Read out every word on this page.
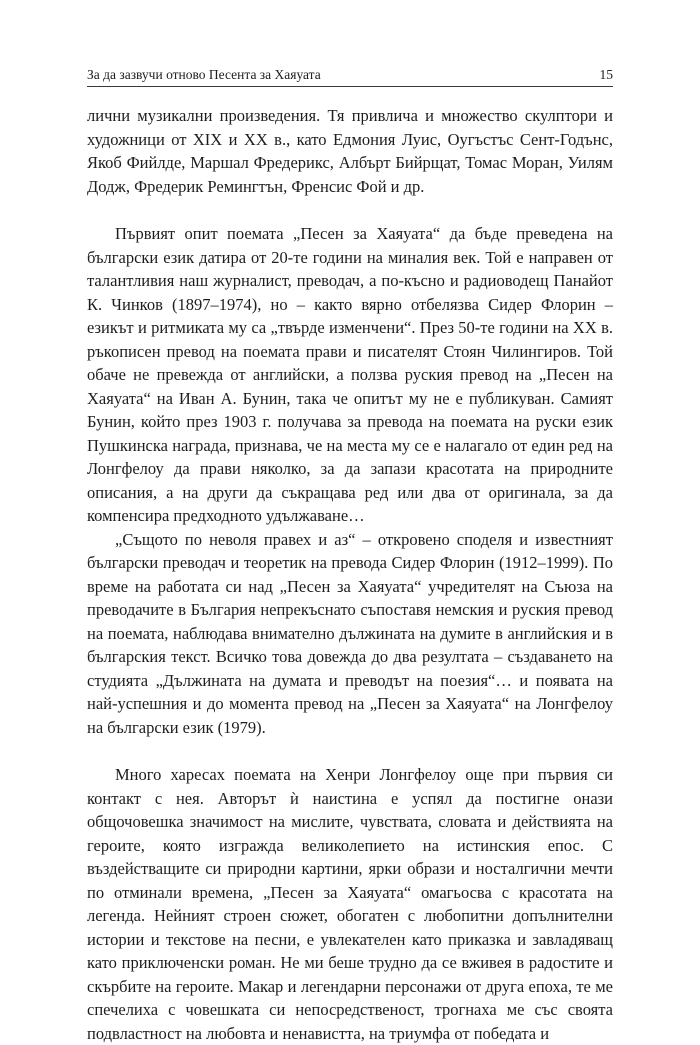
За да зазвучи отново Песента за Хаяуата	15

лични музикални произведения. Тя привлича и множество скулптори и художници от XIX и XX в., като Едмония Луис, Оугъстъс Сент-Годънс, Якоб Фийлде, Маршал Фредерикс, Албърт Бийрщат, Томас Моран, Уилям Додж, Фредерик Ремингтън, Френсис Фой и др.

Първият опит поемата „Песен за Хаяуата“ да бъде преведена на български език датира от 20-те години на миналия век. Той е направен от талантливия наш журналист, преводач, а по-късно и радиоводещ Панайот К. Чинков (1897–1974), но – както вярно отбелязва Сидер Флорин – езикът и ритмиката му са „твърде изменчени“. През 50-те години на XX в. ръкописен превод на поемата прави и писателят Стоян Чилингиров. Той обаче не превежда от английски, а ползва руския превод на „Песен на Хаяуата“ на Иван А. Бунин, така че опитът му не е публикуван. Самият Бунин, който през 1903 г. получава за превода на поемата на руски език Пушкинска награда, признава, че на места му се е налагало от един ред на Лонгфелоу да прави няколко, за да запази красотата на природните описания, а на други да съкращава ред или два от оригинала, за да компенсира предходното удължаване…

„Същото по неволя правех и аз“ – откровено споделя и известният български преводач и теоретик на превода Сидер Флорин (1912–1999). По време на работата си над „Песен за Хаяуата“ учредителят на Съюза на преводачите в България непрекъснато съпоставя немския и руския превод на поемата, наблюдава внимателно дължината на думите в английския и в българския текст. Всичко това довежда до два резултата – създаването на студията „Дължината на думата и преводът на поезия“… и появата на най-успешния и до момента превод на „Песен за Хаяуата“ на Лонгфелоу на български език (1979).

Много харесах поемата на Хенри Лонгфелоу още при първия си контакт с нея. Авторът ѝ наистина е успял да постигне онази общочовешка значимост на мислите, чувствата, словата и действията на героите, която изгражда великолепието на истинския епос. С въздействащите си природни картини, ярки образи и носталгични мечти по отминали времена, „Песен за Хаяуата“ омагьосва с красотата на легенда. Нейният строен сюжет, обогатен с любопитни допълнителни истории и текстове на песни, е увлекателен като приказка и завладяващ като приключенски роман. Не ми беше трудно да се вживея в радостите и скърбите на героите. Макар и легендарни персонажи от друга епоха, те ме спечелиха с човешката си непосредственост, трогнаха ме със своята подвластност на любовта и ненавистта, на триумфа от победата и
